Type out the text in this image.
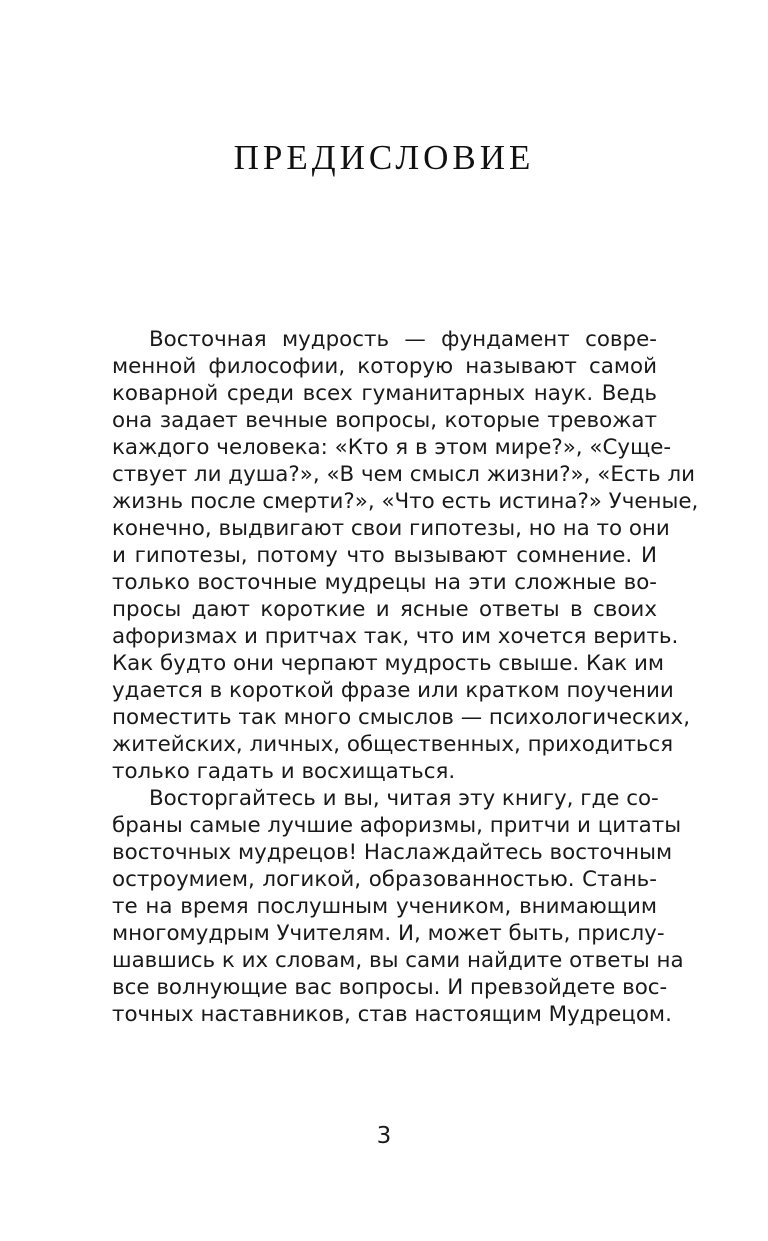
ПРЕДИСЛОВИЕ
Восточная мудрость — фундамент совре-
менной философии, которую называют самой
коварной среди всех гуманитарных наук. Ведь
она задает вечные вопросы, которые тревожат
каждого человека: «Кто я в этом мире?», «Суще-
ствует ли душа?», «В чем смысл жизни?», «Есть ли
жизнь после смерти?», «Что есть истина?» Ученые,
конечно, выдвигают свои гипотезы, но на то они
и гипотезы, потому что вызывают сомнение. И
только восточные мудрецы на эти сложные во-
просы дают короткие и ясные ответы в своих
афоризмах и притчах так, что им хочется верить.
Как будто они черпают мудрость свыше. Как им
удается в короткой фразе или кратком поучении
поместить так много смыслов — психологических,
житейских, личных, общественных, приходиться
только гадать и восхищаться.
Восторгайтесь и вы, читая эту книгу, где со-
браны самые лучшие афоризмы, притчи и цитаты
восточных мудрецов! Наслаждайтесь восточным
остроумием, логикой, образованностью. Стань-
те на время послушным учеником, внимающим
многомудрым Учителям. И, может быть, прислу-
шавшись к их словам, вы сами найдите ответы на
все волнующие вас вопросы. И превзойдете вос-
точных наставников, став настоящим Мудрецом.
3
